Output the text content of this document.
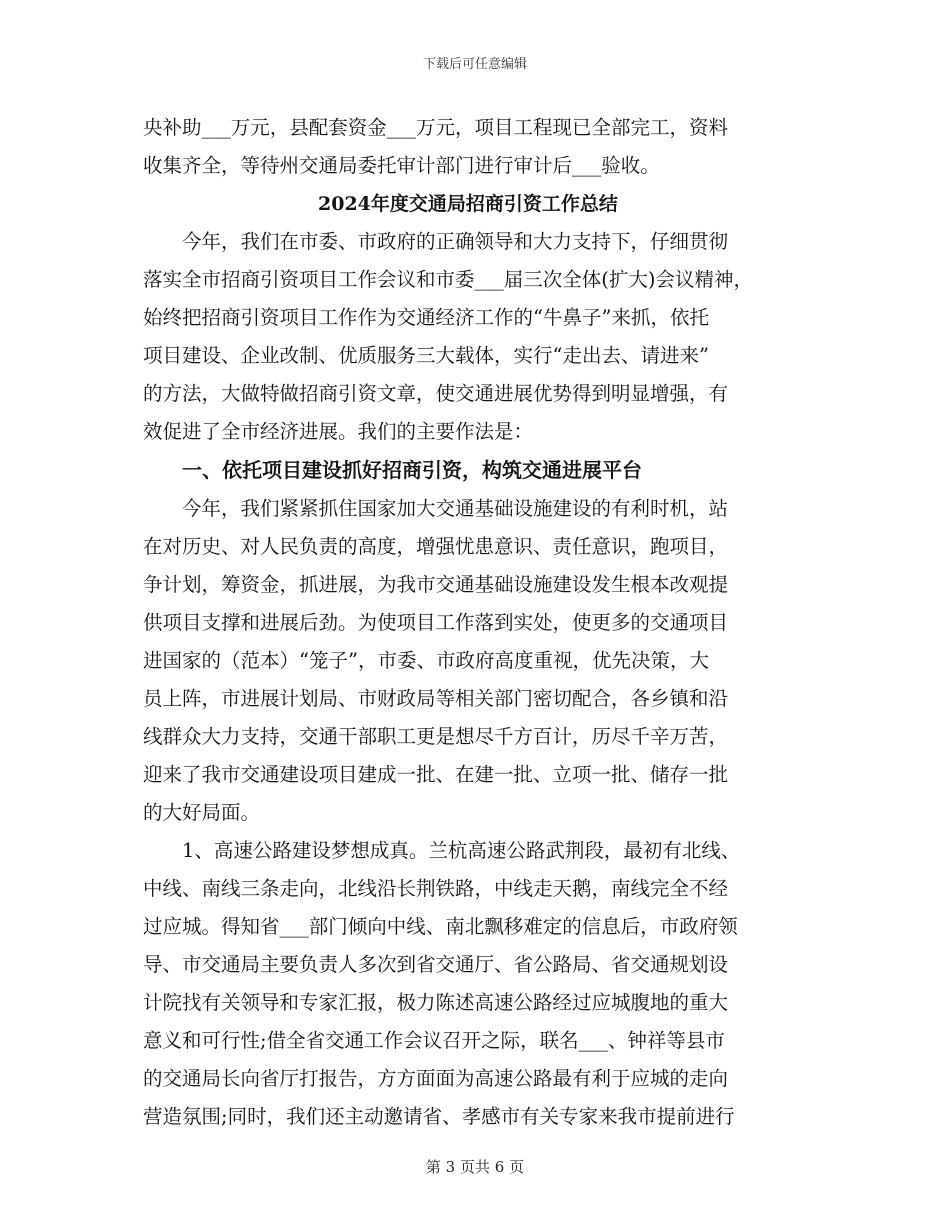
下载后可任意编辑
央补助___万元，县配套资金___万元，项目工程现已全部完工，资料
收集齐全，等待州交通局委托审计部门进行审计后___验收。
2024年度交通局招商引资工作总结
今年，我们在市委、市政府的正确领导和大力支持下，仔细贯彻
落实全市招商引资项目工作会议和市委___届三次全体(扩大)会议精神，
始终把招商引资项目工作作为交通经济工作的“牛鼻子”来抓，依托
项目建设、企业改制、优质服务三大载体，实行“走出去、请进来”
的方法，大做特做招商引资文章，使交通进展优势得到明显增强，有
效促进了全市经济进展。我们的主要作法是：
一、依托项目建设抓好招商引资，构筑交通进展平台
今年，我们紧紧抓住国家加大交通基础设施建设的有利时机，站
在对历史、对人民负责的高度，增强忧患意识、责任意识，跑项目，
争计划，筹资金，抓进展，为我市交通基础设施建设发生根本改观提
供项目支撑和进展后劲。为使项目工作落到实处，使更多的交通项目
进国家的（范本）“笼子”，市委、市政府高度重视，优先决策，大
员上阵，市进展计划局、市财政局等相关部门密切配合，各乡镇和沿
线群众大力支持，交通干部职工更是想尽千方百计，历尽千辛万苦，
迎来了我市交通建设项目建成一批、在建一批、立项一批、储存一批
的大好局面。
1、高速公路建设梦想成真。兰杭高速公路武荆段，最初有北线、
中线、南线三条走向，北线沿长荆铁路，中线走天鹅，南线完全不经
过应城。得知省___部门倾向中线、南北飘移难定的信息后，市政府领
导、市交通局主要负责人多次到省交通厅、省公路局、省交通规划设
计院找有关领导和专家汇报，极力陈述高速公路经过应城腹地的重大
意义和可行性;借全省交通工作会议召开之际，联名___、钟祥等县市
的交通局长向省厅打报告，方方面面为高速公路最有利于应城的走向
营造氛围;同时，我们还主动邀请省、孝感市有关专家来我市提前进行
第 3 页共 6 页
